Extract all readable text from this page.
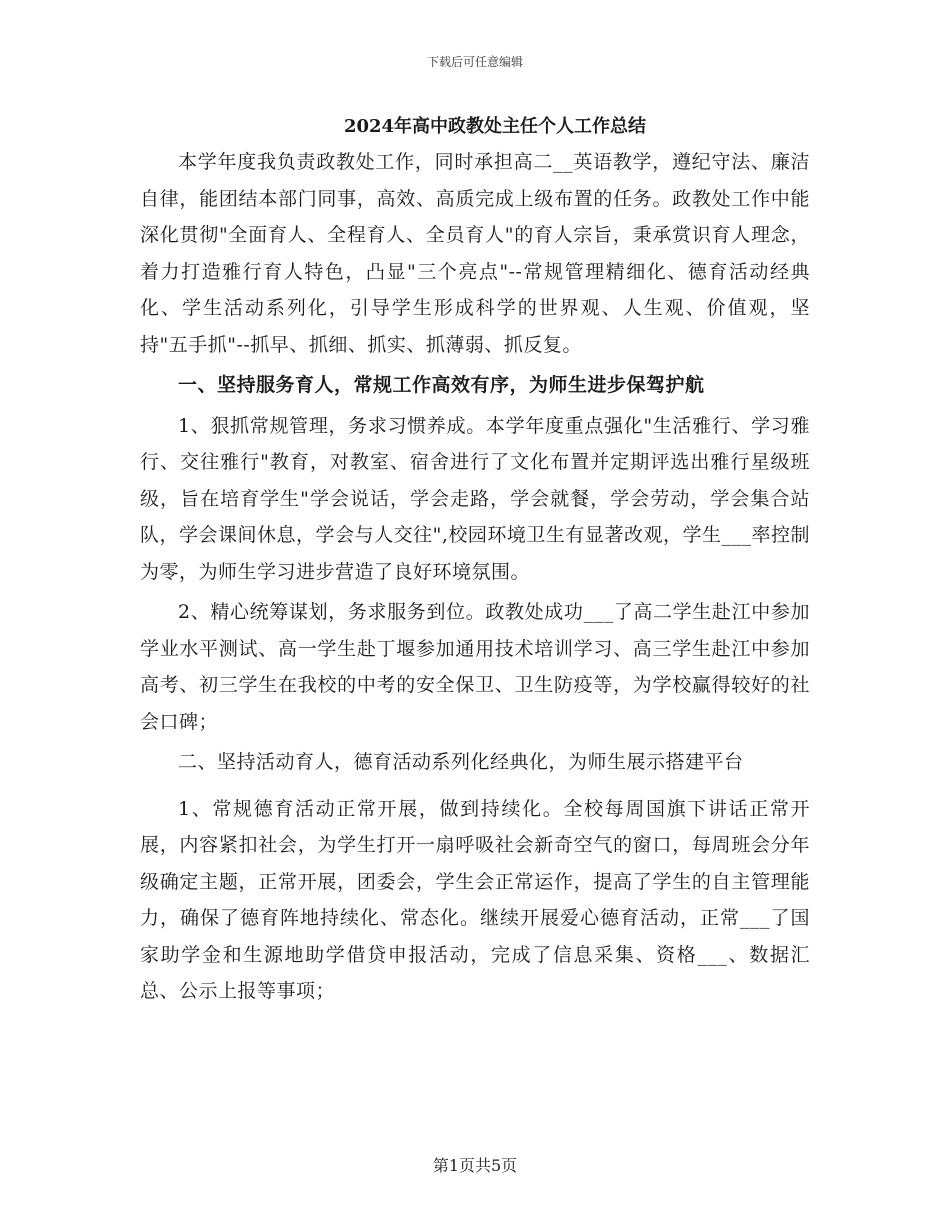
下载后可任意编辑
2024年高中政教处主任个人工作总结

本学年度我负责政教处工作，同时承担高二__英语教学，遵纪守法、廉洁自律，能团结本部门同事，高效、高质完成上级布置的任务。政教处工作中能深化贯彻"全面育人、全程育人、全员育人"的育人宗旨，秉承赏识育人理念，着力打造雅行育人特色，凸显"三个亮点"--常规管理精细化、德育活动经典化、学生活动系列化，引导学生形成科学的世界观、人生观、价值观，坚持"五手抓"--抓早、抓细、抓实、抓薄弱、抓反复。

一、坚持服务育人，常规工作高效有序，为师生进步保驾护航

1、狠抓常规管理，务求习惯养成。本学年度重点强化"生活雅行、学习雅行、交往雅行"教育，对教室、宿舍进行了文化布置并定期评选出雅行星级班级，旨在培育学生"学会说话，学会走路，学会就餐，学会劳动，学会集合站队，学会课间休息，学会与人交往",校园环境卫生有显著改观，学生___率控制为零，为师生学习进步营造了良好环境氛围。

2、精心统筹谋划，务求服务到位。政教处成功___了高二学生赴江中参加学业水平测试、高一学生赴丁堰参加通用技术培训学习、高三学生赴江中参加高考、初三学生在我校的中考的安全保卫、卫生防疫等，为学校赢得较好的社会口碑；

二、坚持活动育人，德育活动系列化经典化，为师生展示搭建平台

1、常规德育活动正常开展，做到持续化。全校每周国旗下讲话正常开展，内容紧扣社会，为学生打开一扇呼吸社会新奇空气的窗口，每周班会分年级确定主题，正常开展，团委会，学生会正常运作，提高了学生的自主管理能力，确保了德育阵地持续化、常态化。继续开展爱心德育活动，正常___了国家助学金和生源地助学借贷申报活动，完成了信息采集、资格___、数据汇总、公示上报等事项；

第1页共5页
